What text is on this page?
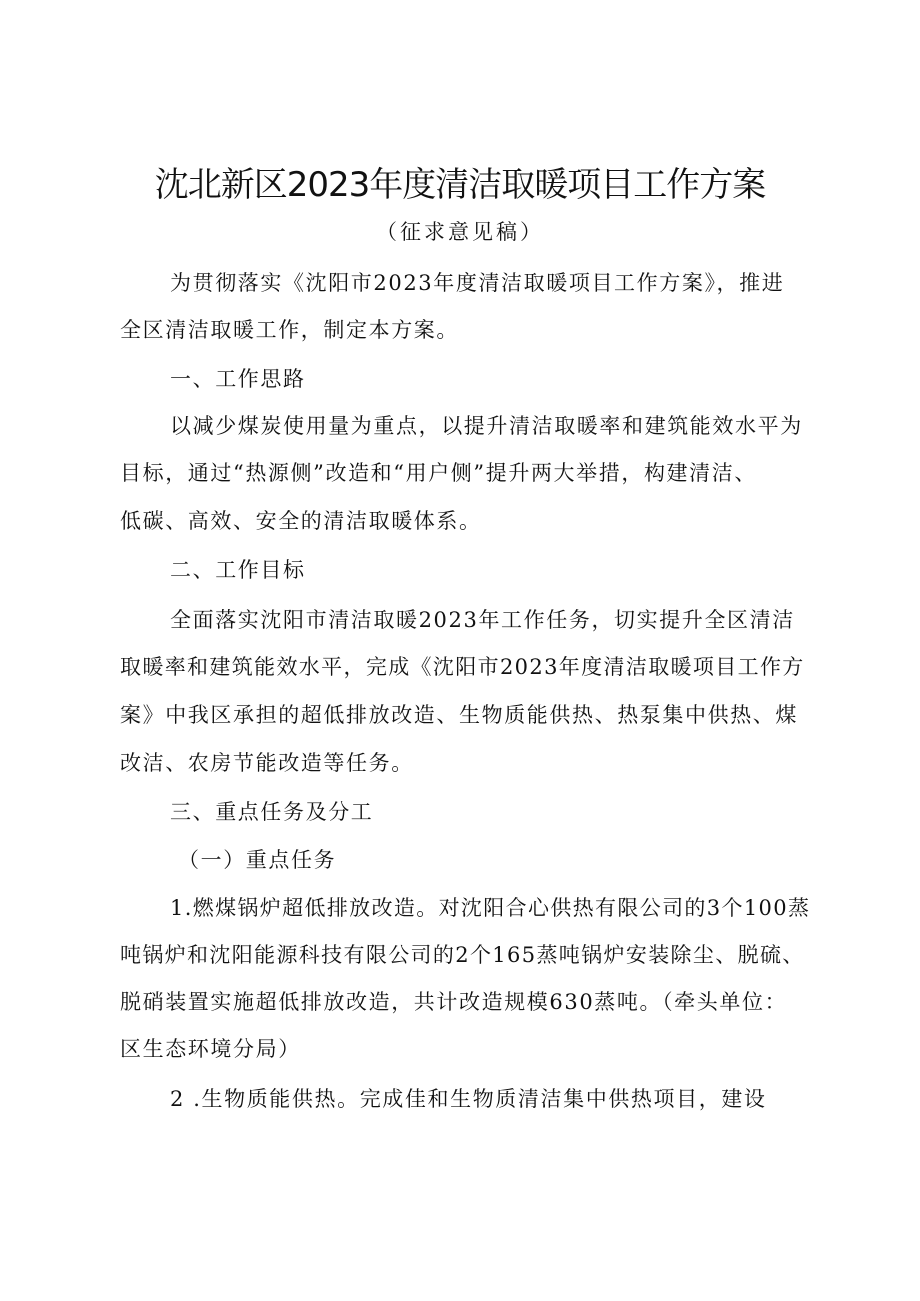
沈北新区2023年度清洁取暖项目工作方案
（征求意见稿）
为贯彻落实《沈阳市2023年度清洁取暖项目工作方案》，推进
全区清洁取暖工作，制定本方案。
一、工作思路
以减少煤炭使用量为重点，以提升清洁取暖率和建筑能效水平为
目标，通过“热源侧”改造和“用户侧”提升两大举措，构建清洁、
低碳、高效、安全的清洁取暖体系。
二、工作目标
全面落实沈阳市清洁取暖2023年工作任务，切实提升全区清洁
取暖率和建筑能效水平，完成《沈阳市2023年度清洁取暖项目工作方
案》中我区承担的超低排放改造、生物质能供热、热泵集中供热、煤
改洁、农房节能改造等任务。
三、重点任务及分工
（一）重点任务
1.燃煤锅炉超低排放改造。对沈阳合心供热有限公司的3个100蒸
吨锅炉和沈阳能源科技有限公司的2个165蒸吨锅炉安装除尘、脱硫、
脱硝装置实施超低排放改造，共计改造规模630蒸吨。（牵头单位：
区生态环境分局）
2 .生物质能供热。完成佳和生物质清洁集中供热项目，建设
